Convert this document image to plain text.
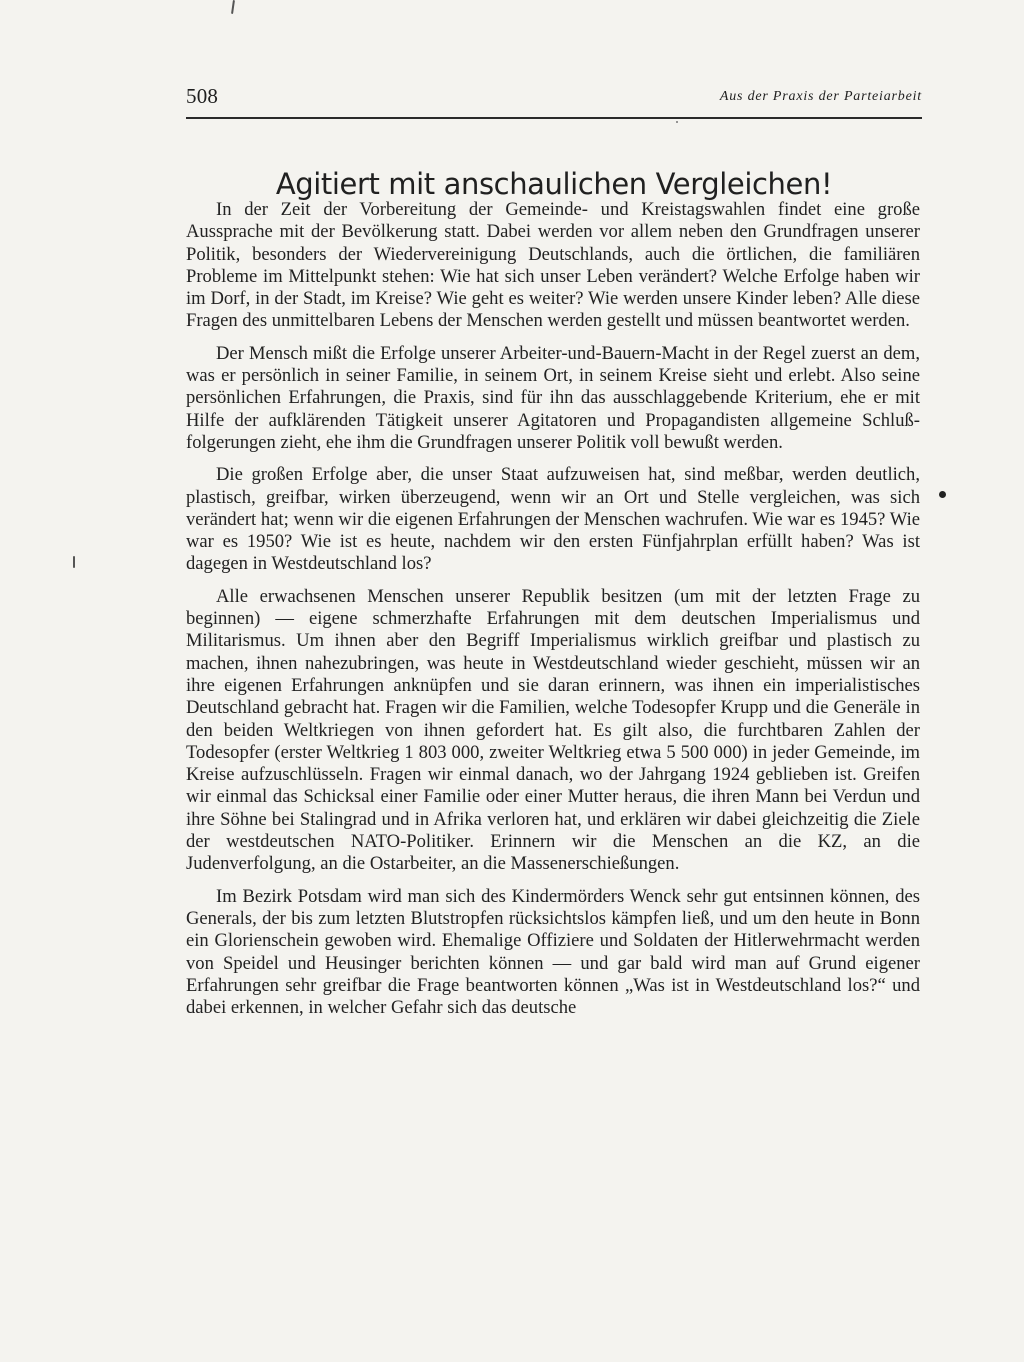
508	Aus der Praxis der Parteiarbeit
Agitiert mit anschaulichen Vergleichen!

In der Zeit der Vorbereitung der Gemeinde- und Kreistagswahlen findet eine große Aussprache mit der Bevölkerung statt. Dabei werden vor allem neben den Grundfragen unserer Politik, besonders der Wiedervereinigung Deutschlands, auch die örtlichen, die familiären Probleme im Mittelpunkt stehen: Wie hat sich unser Leben verändert? Welche Erfolge haben wir im Dorf, in der Stadt, im Kreise? Wie geht es weiter? Wie werden unsere Kinder leben? Alle diese Fragen des unmittelbaren Lebens der Menschen werden gestellt und müssen beantwortet werden.

Der Mensch mißt die Erfolge unserer Arbeiter-und-Bauern-Macht in der Regel zuerst an dem, was er persönlich in seiner Familie, in seinem Ort, in seinem Kreise sieht und erlebt. Also seine persönlichen Erfahrungen, die Praxis, sind für ihn das ausschlaggebende Kriterium, ehe er mit Hilfe der aufklärenden Tätigkeit unserer Agitatoren und Propagandisten allgemeine Schlußfolgerungen zieht, ehe ihm die Grundfragen unserer Politik voll bewußt werden.

Die großen Erfolge aber, die unser Staat aufzuweisen hat, sind meßbar, werden deutlich, plastisch, greifbar, wirken überzeugend, wenn wir an Ort und Stelle vergleichen, was sich verändert hat; wenn wir die eigenen Erfahrungen der Menschen wachrufen. Wie war es 1945? Wie war es 1950? Wie ist es heute, nachdem wir den ersten Fünfjahrplan erfüllt haben? Was ist dagegen in Westdeutschland los?

Alle erwachsenen Menschen unserer Republik besitzen (um mit der letzten Frage zu beginnen) — eigene schmerzhafte Erfahrungen mit dem deutschen Imperialismus und Militarismus. Um ihnen aber den Begriff Imperialismus wirklich greifbar und plastisch zu machen, ihnen nahezubringen, was heute in Westdeutschland wieder geschieht, müssen wir an ihre eigenen Erfahrungen anknüpfen und sie daran erinnern, was ihnen ein imperialistisches Deutschland gebracht hat. Fragen wir die Familien, welche Todesopfer Krupp und die Generäle in den beiden Weltkriegen von ihnen gefordert hat. Es gilt also, die furchtbaren Zahlen der Todesopfer (erster Weltkrieg 1 803 000, zweiter Weltkrieg etwa 5 500 000) in jeder Gemeinde, im Kreise aufzuschlüsseln. Fragen wir einmal danach, wo der Jahrgang 1924 geblieben ist. Greifen wir einmal das Schicksal einer Familie oder einer Mutter heraus, die ihren Mann bei Verdun und ihre Söhne bei Stalingrad und in Afrika verloren hat, und erklären wir dabei gleichzeitig die Ziele der westdeutschen NATO-Politiker. Erinnern wir die Menschen an die KZ, an die Judenverfolgung, an die Ostarbeiter, an die Massenerschießungen.

Im Bezirk Potsdam wird man sich des Kindermörders Wenck sehr gut entsinnen können, des Generals, der bis zum letzten Blutstropfen rücksichtslos kämpfen ließ, und um den heute in Bonn ein Glorienschein gewoben wird. Ehemalige Offiziere und Soldaten der Hitlerwehrmacht werden von Speidel und Heusinger berichten können — und gar bald wird man auf Grund eigener Erfahrungen sehr greifbar die Frage beantworten können „Was ist in Westdeutschland los?“ und dabei erkennen, in welcher Gefahr sich das deutsche
